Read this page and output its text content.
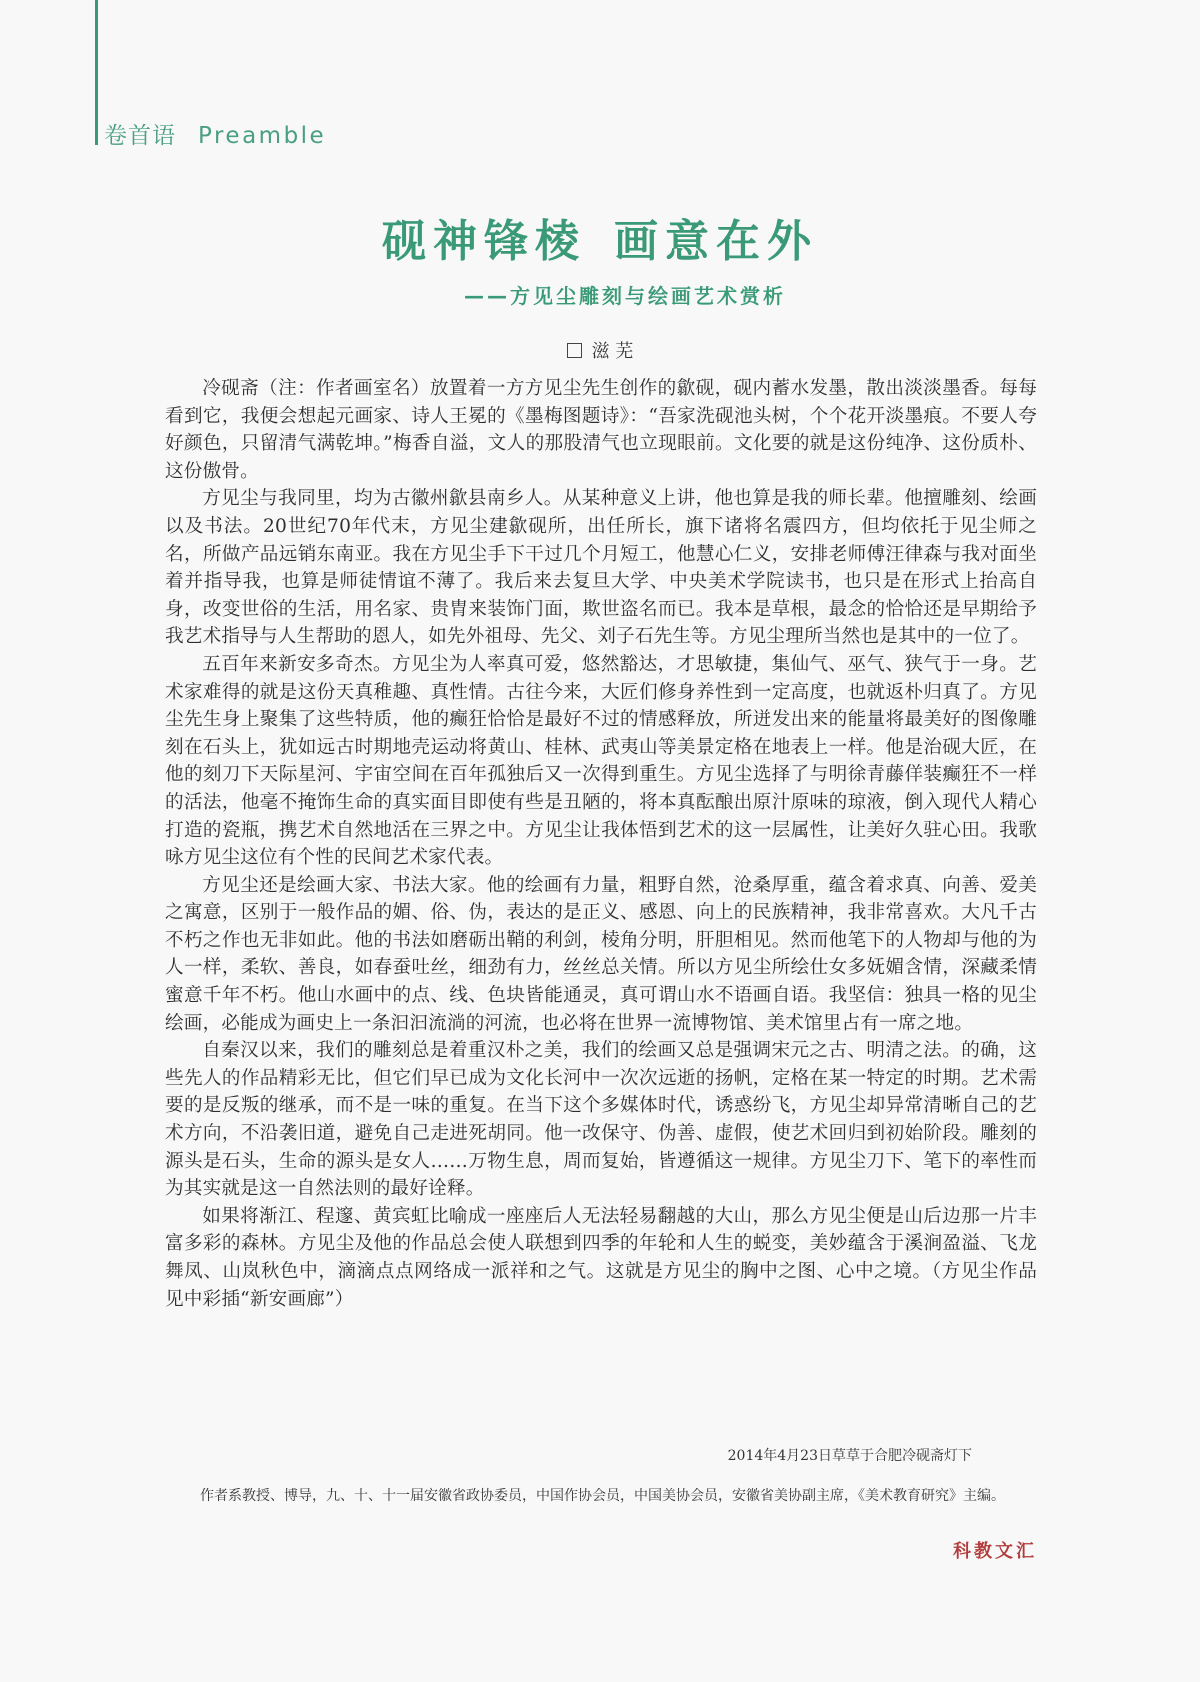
卷首语 Preamble
砚神锋棱 画意在外
——方见尘雕刻与绘画艺术赏析
滋 芜

冷砚斋（注：作者画室名）放置着一方方见尘先生创作的歙砚，砚内蓄水发墨，散出淡淡墨香。每每看到它，我便会想起元画家、诗人王冕的《墨梅图题诗》：“吾家洗砚池头树，个个花开淡墨痕。不要人夸好颜色，只留清气满乾坤。”梅香自溢，文人的那股清气也立现眼前。文化要的就是这份纯净、这份质朴、这份傲骨。

方见尘与我同里，均为古徽州歙县南乡人。从某种意义上讲，他也算是我的师长辈。他擅雕刻、绘画以及书法。20世纪70年代末，方见尘建歙砚所，出任所长，旗下诸将名震四方，但均依托于见尘师之名，所做产品远销东南亚。我在方见尘手下干过几个月短工，他慧心仁义，安排老师傅汪律森与我对面坐着并指导我，也算是师徒情谊不薄了。我后来去复旦大学、中央美术学院读书，也只是在形式上抬高自身，改变世俗的生活，用名家、贵胄来装饰门面，欺世盗名而已。我本是草根，最念的恰恰还是早期给予我艺术指导与人生帮助的恩人，如先外祖母、先父、刘子石先生等。方见尘理所当然也是其中的一位了。

五百年来新安多奇杰。方见尘为人率真可爱，悠然豁达，才思敏捷，集仙气、巫气、狭气于一身。艺术家难得的就是这份天真稚趣、真性情。古往今来，大匠们修身养性到一定高度，也就返朴归真了。方见尘先生身上聚集了这些特质，他的癫狂恰恰是最好不过的情感释放，所迸发出来的能量将最美好的图像雕刻在石头上，犹如远古时期地壳运动将黄山、桂林、武夷山等美景定格在地表上一样。他是治砚大匠，在他的刻刀下天际星河、宇宙空间在百年孤独后又一次得到重生。方见尘选择了与明徐青藤佯装癫狂不一样的活法，他毫不掩饰生命的真实面目即使有些是丑陋的，将本真酝酿出原汁原味的琼液，倒入现代人精心打造的瓷瓶，携艺术自然地活在三界之中。方见尘让我体悟到艺术的这一层属性，让美好久驻心田。我歌咏方见尘这位有个性的民间艺术家代表。

方见尘还是绘画大家、书法大家。他的绘画有力量，粗野自然，沧桑厚重，蕴含着求真、向善、爱美之寓意，区别于一般作品的媚、俗、伪，表达的是正义、感恩、向上的民族精神，我非常喜欢。大凡千古不朽之作也无非如此。他的书法如磨砺出鞘的利剑，棱角分明，肝胆相见。然而他笔下的人物却与他的为人一样，柔软、善良，如春蚕吐丝，细劲有力，丝丝总关情。所以方见尘所绘仕女多妩媚含情，深藏柔情蜜意千年不朽。他山水画中的点、线、色块皆能通灵，真可谓山水不语画自语。我坚信：独具一格的见尘绘画，必能成为画史上一条汩汩流淌的河流，也必将在世界一流博物馆、美术馆里占有一席之地。

自秦汉以来，我们的雕刻总是着重汉朴之美，我们的绘画又总是强调宋元之古、明清之法。的确，这些先人的作品精彩无比，但它们早已成为文化长河中一次次远逝的扬帆，定格在某一特定的时期。艺术需要的是反叛的继承，而不是一味的重复。在当下这个多媒体时代，诱惑纷飞，方见尘却异常清晰自己的艺术方向，不沿袭旧道，避免自己走进死胡同。他一改保守、伪善、虚假，使艺术回归到初始阶段。雕刻的源头是石头，生命的源头是女人……万物生息，周而复始，皆遵循这一规律。方见尘刀下、笔下的率性而为其实就是这一自然法则的最好诠释。

如果将渐江、程邃、黄宾虹比喻成一座座后人无法轻易翻越的大山，那么方见尘便是山后边那一片丰富多彩的森林。方见尘及他的作品总会使人联想到四季的年轮和人生的蜕变，美妙蕴含于溪涧盈溢、飞龙舞凤、山岚秋色中，滴滴点点网络成一派祥和之气。这就是方见尘的胸中之图、心中之境。（方见尘作品见中彩插“新安画廊”）

2014年4月23日草草于合肥冷砚斋灯下
作者系教授、博导，九、十、十一届安徽省政协委员，中国作协会员，中国美协会员，安徽省美协副主席，《美术教育研究》主编。
科教文汇
